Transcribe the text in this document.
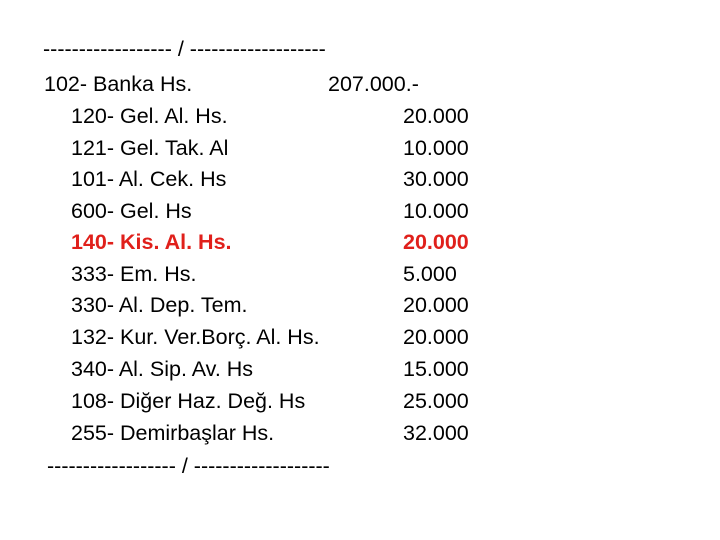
------------------ / -------------------
102- Banka Hs.	207.000.-
120- Gel. Al. Hs.	20.000
121- Gel. Tak. Al	10.000
101- Al. Cek. Hs	30.000
600- Gel. Hs	10.000
140- Kis. Al. Hs.	20.000
333- Em. Hs.	5.000
330- Al. Dep. Tem.	20.000
132- Kur. Ver.Borç. Al. Hs.	20.000
340- Al. Sip. Av. Hs	15.000
108- Diğer Haz. Değ. Hs	25.000
255- Demirbaşlar Hs.	32.000
------------------ / -------------------
